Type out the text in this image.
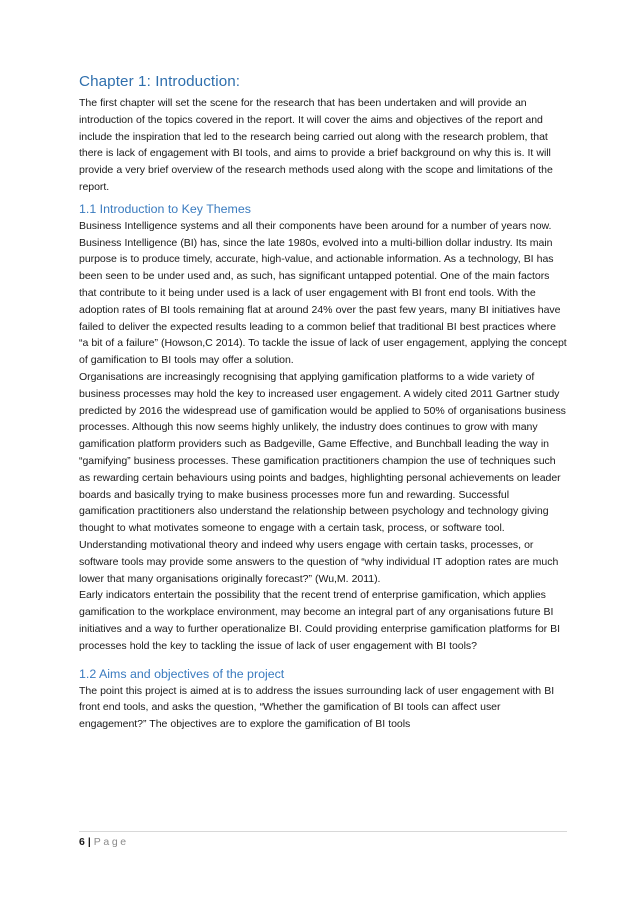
Chapter 1: Introduction:

The first chapter will set the scene for the research that has been undertaken and will provide an introduction of the topics covered in the report. It will cover the aims and objectives of the report and include the inspiration that led to the research being carried out along with the research problem, that there is lack of engagement with BI tools, and aims to provide a brief background on why this is. It will provide a very brief overview of the research methods used along with the scope and limitations of the report.

1.1 Introduction to Key Themes

Business Intelligence systems and all their components have been around for a number of years now. Business Intelligence (BI) has, since the late 1980s, evolved into a multi-billion dollar industry. Its main purpose is to produce timely, accurate, high-value, and actionable information. As a technology, BI has been seen to be under used and, as such, has significant untapped potential. One of the main factors that contribute to it being under used is a lack of user engagement with BI front end tools. With the adoption rates of BI tools remaining flat at around 24% over the past few years, many BI initiatives have failed to deliver the expected results leading to a common belief that traditional BI best practices where “a bit of a failure” (Howson,C 2014). To tackle the issue of lack of user engagement, applying the concept of gamification to BI tools may offer a solution.

Organisations are increasingly recognising that applying gamification platforms to a wide variety of business processes may hold the key to increased user engagement. A widely cited 2011 Gartner study predicted by 2016 the widespread use of gamification would be applied to 50% of organisations business processes. Although this now seems highly unlikely, the industry does continues to grow with many gamification platform providers such as Badgeville, Game Effective, and Bunchball leading the way in “gamifying” business processes. These gamification practitioners champion the use of techniques such as rewarding certain behaviours using points and badges, highlighting personal achievements on leader boards and basically trying to make business processes more fun and rewarding. Successful gamification practitioners also understand the relationship between psychology and technology giving thought to what motivates someone to engage with a certain task, process, or software tool. Understanding motivational theory and indeed why users engage with certain tasks, processes, or software tools may provide some answers to the question of “why individual IT adoption rates are much lower that many organisations originally forecast?” (Wu,M. 2011).

Early indicators entertain the possibility that the recent trend of enterprise gamification, which applies gamification to the workplace environment, may become an integral part of any organisations future BI initiatives and a way to further operationalize BI. Could providing enterprise gamification platforms for BI processes hold the key to tackling the issue of lack of user engagement with BI tools?

1.2 Aims and objectives of the project

The point this project is aimed at is to address the issues surrounding lack of user engagement with BI front end tools, and asks the question, “Whether the gamification of BI tools can affect user engagement?” The objectives are to explore the gamification of BI tools

6 | Page
